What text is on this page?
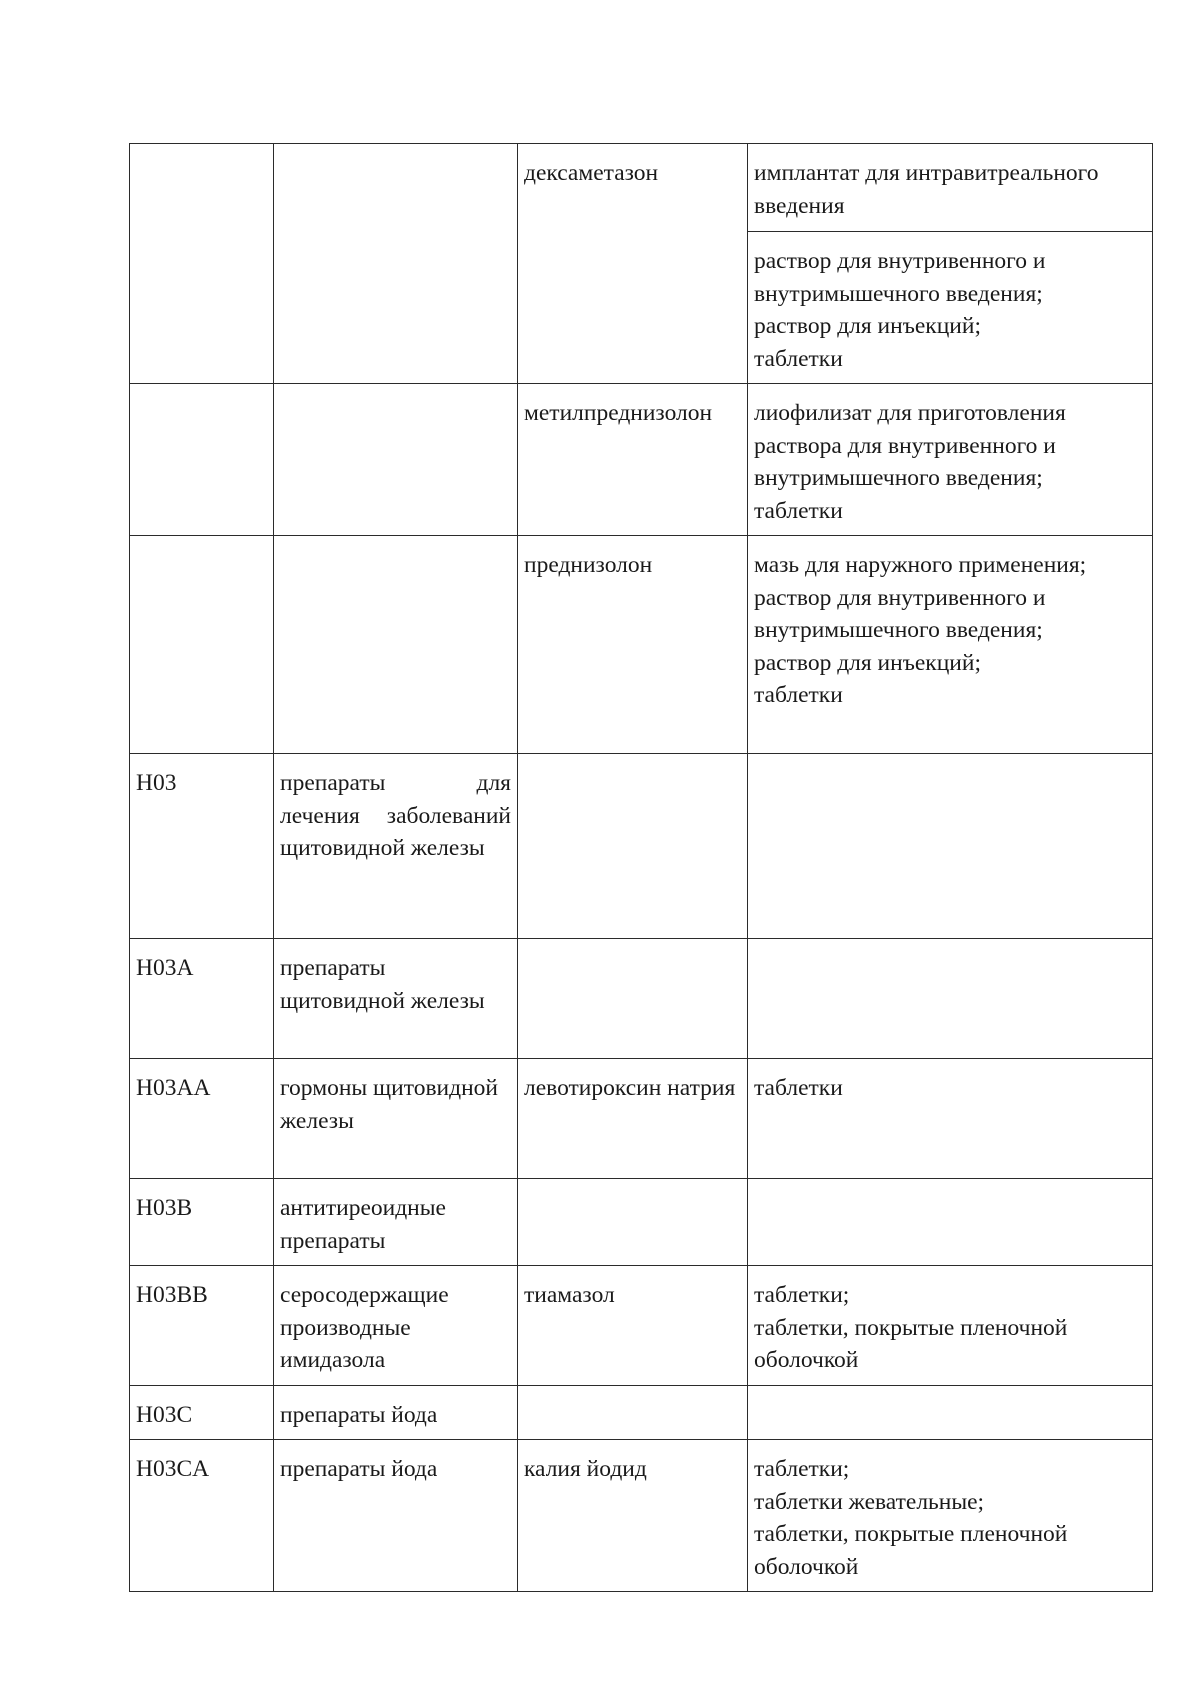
		дексаметазон	имплантат для интравитреального введения

			раствор для внутривенного и внутримышечного введения;
раствор для инъекций;
таблетки

		метилпреднизолон	лиофилизат для приготовления раствора для внутривенного и внутримышечного введения;
таблетки

		преднизолон	мазь для наружного применения;
раствор для внутривенного и внутримышечного введения;
раствор для инъекций;
таблетки

H03	препараты для лечения заболеваний щитовидной железы		
H03A	препараты щитовидной железы		
H03AA	гормоны щитовидной железы	левотироксин натрия	таблетки

H03B	антитиреоидные препараты		
H03BB	серосодержащие производные имидазола	тиамазол	таблетки;
таблетки, покрытые пленочной оболочкой

H03C	препараты йода		
H03CA	препараты йода	калия йодид	таблетки;
таблетки жевательные;
таблетки, покрытые пленочной оболочкой
